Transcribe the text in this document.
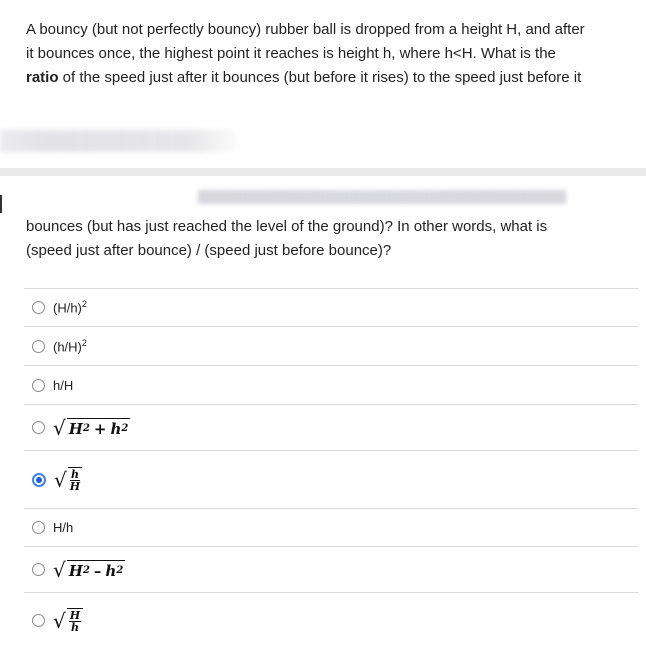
A bouncy (but not perfectly bouncy) rubber ball is dropped from a height H, and after
it bounces once, the highest point it reaches is height h, where h<H. What is the
ratio of the speed just after it bounces (but before it rises) to the speed just before it
bounces (but has just reached the level of the ground)? In other words, what is
(speed just after bounce) / (speed just before bounce)?
$(H/h)^2$
$(h/H)^2$
h/H
√ H 2 + h 2
√ $\frac{h}{H}$
H/h
√ H 2 – h 2
√ $\frac{H}{h}$
